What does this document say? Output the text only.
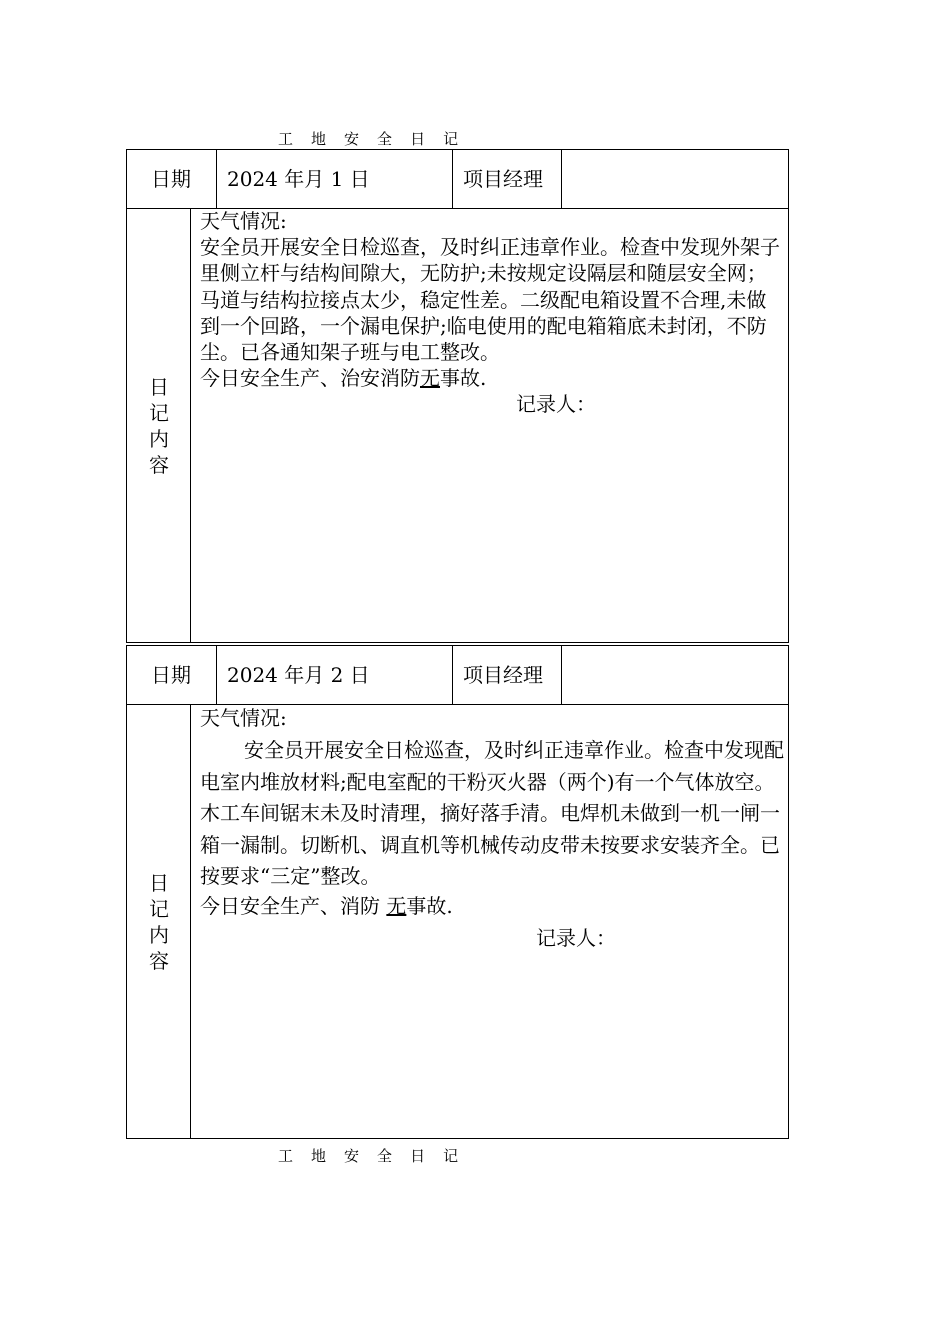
工 地 安 全 日 记
日期 2024 年月 1 日	项目经理
日
记
内
容

天气情况:

安全员开展安全日检巡查，及时纠正违章作业。检查中发现外架子里侧立杆与结构间隙大，无防护;未按规定设隔层和随层安全网；马道与结构拉接点太少，稳定性差。二级配电箱设置不合理,未做到一个回路，一个漏电保护;临电使用的配电箱箱底未封闭，不防尘。已各通知架子班与电工整改。

今日安全生产、治安消防无事故.

记录人：

日期 2024 年月 2 日	项目经理
日
记
内
容

天气情况:

安全员开展安全日检巡查，及时纠正违章作业。检查中发现配电室内堆放材料;配电室配的干粉灭火器（两个)有一个气体放空。木工车间锯末未及时清理，摘好落手清。电焊机未做到一机一闸一箱一漏制。切断机、调直机等机械传动皮带未按要求安装齐全。已按要求“三定”整改。

今日安全生产、消防 无事故.

记录人：

工 地 安 全 日 记
